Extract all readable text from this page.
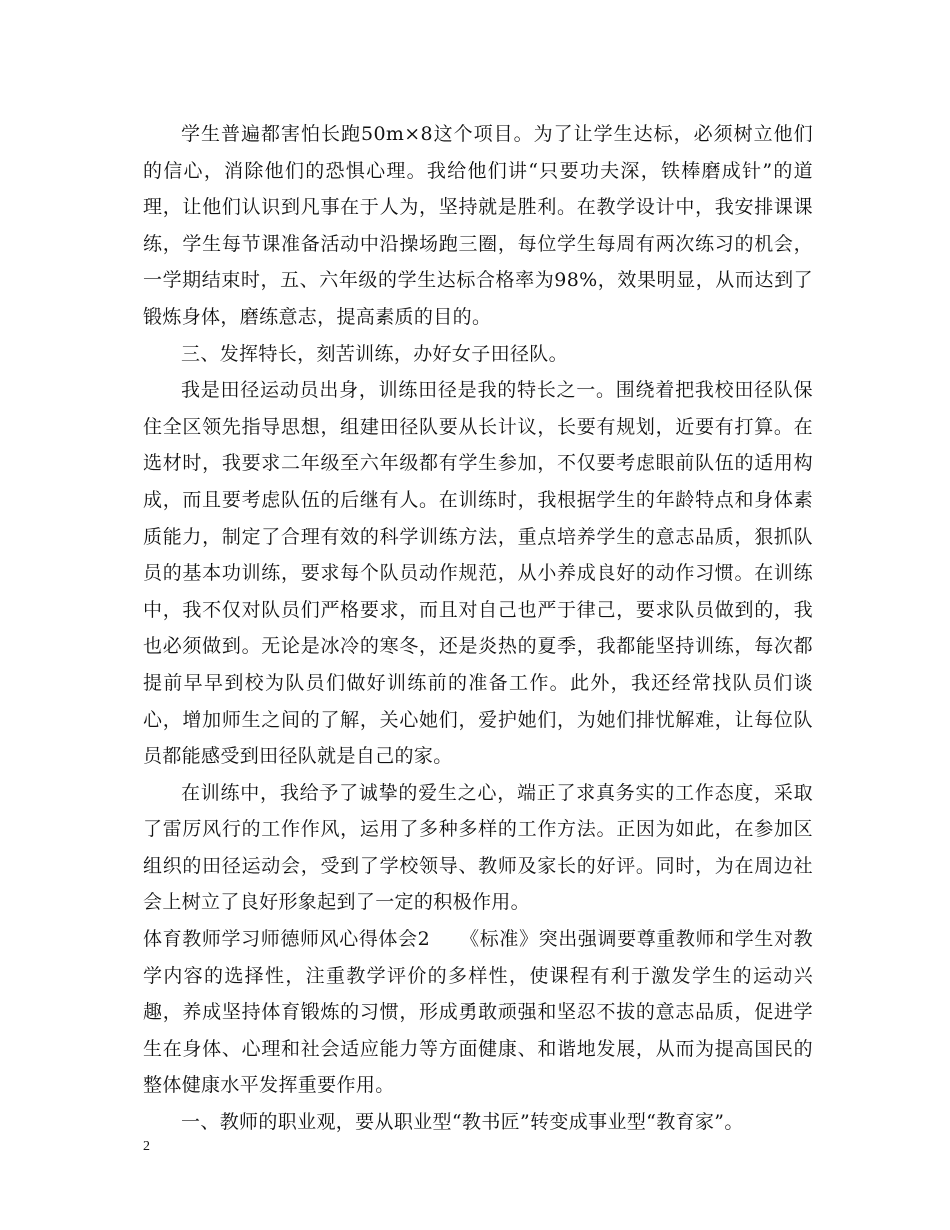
学生普遍都害怕长跑50m×8这个项目。为了让学生达标，必须树立他们的信心，消除他们的恐惧心理。我给他们讲“只要功夫深，铁棒磨成针”的道理，让他们认识到凡事在于人为，坚持就是胜利。在教学设计中，我安排课课练，学生每节课准备活动中沿操场跑三圈，每位学生每周有两次练习的机会，一学期结束时，五、六年级的学生达标合格率为98%，效果明显，从而达到了锻炼身体，磨练意志，提高素质的目的。

三、发挥特长，刻苦训练，办好女子田径队。

我是田径运动员出身，训练田径是我的特长之一。围绕着把我校田径队保住全区领先指导思想，组建田径队要从长计议，长要有规划，近要有打算。在选材时，我要求二年级至六年级都有学生参加，不仅要考虑眼前队伍的适用构成，而且要考虑队伍的后继有人。在训练时，我根据学生的年龄特点和身体素质能力，制定了合理有效的科学训练方法，重点培养学生的意志品质，狠抓队员的基本功训练，要求每个队员动作规范，从小养成良好的动作习惯。在训练中，我不仅对队员们严格要求，而且对自己也严于律己，要求队员做到的，我也必须做到。无论是冰冷的寒冬，还是炎热的夏季，我都能坚持训练，每次都提前早早到校为队员们做好训练前的准备工作。此外，我还经常找队员们谈心，增加师生之间的了解，关心她们，爱护她们，为她们排忧解难，让每位队员都能感受到田径队就是自己的家。

在训练中，我给予了诚挚的爱生之心，端正了求真务实的工作态度，采取了雷厉风行的工作作风，运用了多种多样的工作方法。正因为如此，在参加区组织的田径运动会，受到了学校领导、教师及家长的好评。同时，为在周边社会上树立了良好形象起到了一定的积极作用。

体育教师学习师德师风心得体会2　　《标准》突出强调要尊重教师和学生对教学内容的选择性，注重教学评价的多样性，使课程有利于激发学生的运动兴趣，养成坚持体育锻炼的习惯，形成勇敢顽强和坚忍不拔的意志品质，促进学生在身体、心理和社会适应能力等方面健康、和谐地发展，从而为提高国民的整体健康水平发挥重要作用。

一、教师的职业观，要从职业型“教书匠”转变成事业型“教育家”。

2
